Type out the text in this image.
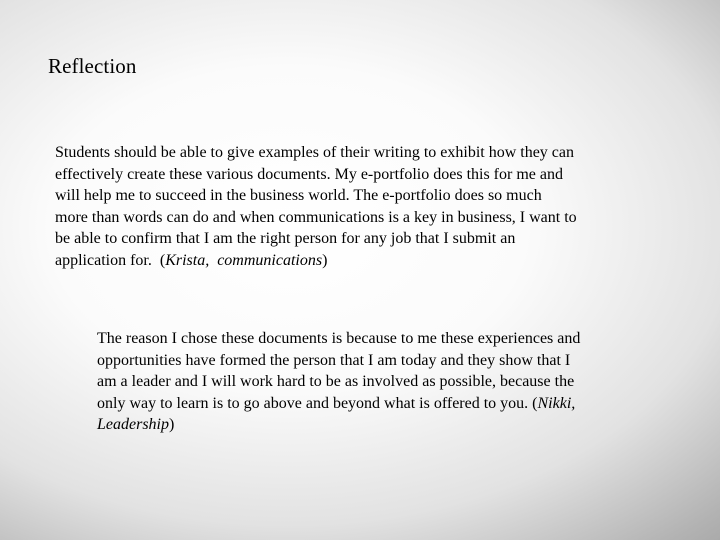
Reflection
Students should be able to give examples of their writing to exhibit how they can
effectively create these various documents. My e-portfolio does this for me and
will help me to succeed in the business world. The e-portfolio does so much
more than words can do and when communications is a key in business, I want to
be able to confirm that I am the right person for any job that I submit an
application for.  (Krista,  communications)
The reason I chose these documents is because to me these experiences and
opportunities have formed the person that I am today and they show that I
am a leader and I will work hard to be as involved as possible, because the
only way to learn is to go above and beyond what is offered to you. (Nikki,
Leadership)
